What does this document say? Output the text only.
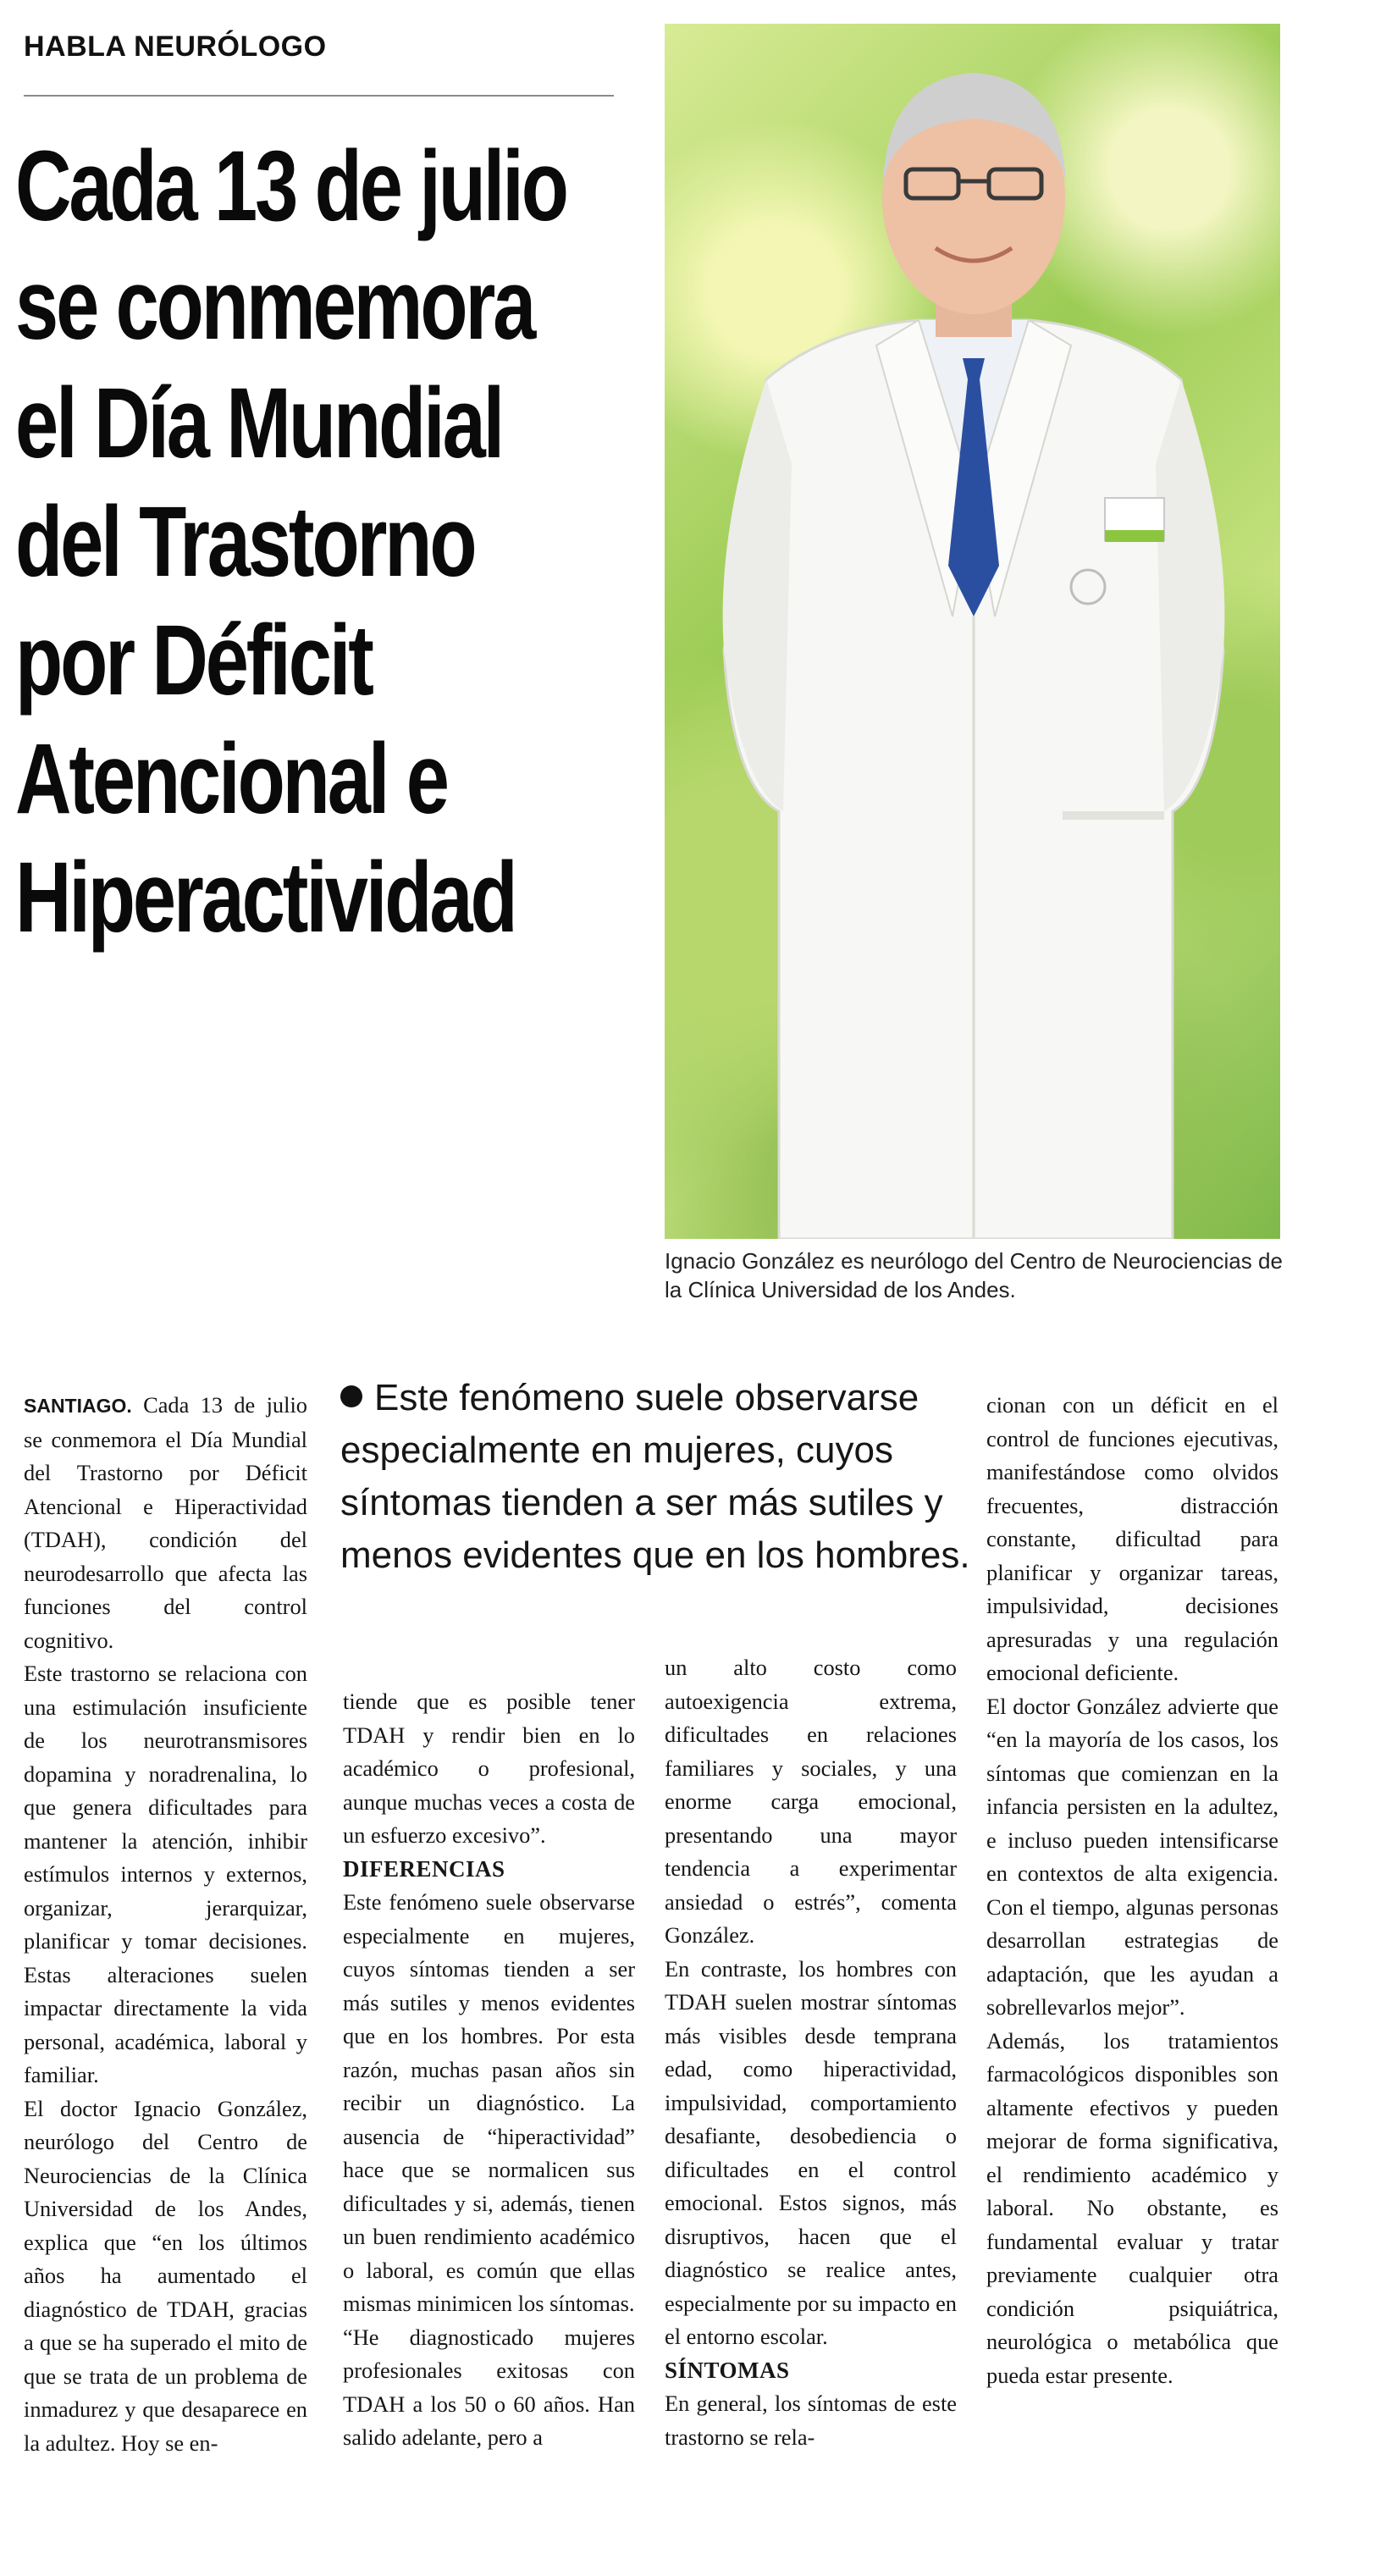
HABLA NEURÓLOGO
Cada 13 de julio
se conmemora
el Día Mundial
del Trastorno
por Déficit
Atencional e
Hiperactividad
Ignacio González es neurólogo del Centro de Neurociencias de la Clínica Universidad de los Andes.

SANTIAGO. Cada 13 de julio se conmemora el Día Mundial del Trastorno por Déficit Atencional e Hiperactividad (TDAH), condición del neurodesarrollo que afecta las funciones del control cognitivo.

Este trastorno se relaciona con una estimulación insuficiente de los neurotransmisores dopamina y noradrenalina, lo que genera dificultades para mantener la atención, inhibir estímulos internos y externos, organizar, jerarquizar, planificar y tomar decisiones. Estas alteraciones suelen impactar directamente la vida personal, académica, laboral y familiar.

El doctor Ignacio González, neurólogo del Centro de Neurociencias de la Clínica Universidad de los Andes, explica que “en los últimos años ha aumentado el diagnóstico de TDAH, gracias a que se ha superado el mito de que se trata de un problema de inmadurez y que desaparece en la adultez. Hoy se en-

Este fenómeno suele observarse especialmente en mujeres, cuyos síntomas tienden a ser más sutiles y menos evidentes que en los hombres.

tiende que es posible tener TDAH y rendir bien en lo académico o profesional, aunque muchas veces a costa de un esfuerzo excesivo”.

DIFERENCIAS

Este fenómeno suele observarse especialmente en mujeres, cuyos síntomas tienden a ser más sutiles y menos evidentes que en los hombres. Por esta razón, muchas pasan años sin recibir un diagnóstico. La ausencia de “hiperactividad” hace que se normalicen sus dificultades y si, además, tienen un buen rendimiento académico o laboral, es común que ellas mismas minimicen los síntomas.

“He diagnosticado mujeres profesionales exitosas con TDAH a los 50 o 60 años. Han salido adelante, pero a

un alto costo como autoexigencia extrema, dificultades en relaciones familiares y sociales, y una enorme carga emocional, presentando una mayor tendencia a experimentar ansiedad o estrés”, comenta González.

En contraste, los hombres con TDAH suelen mostrar síntomas más visibles desde temprana edad, como hiperactividad, impulsividad, comportamiento desafiante, desobediencia o dificultades en el control emocional. Estos signos, más disruptivos, hacen que el diagnóstico se realice antes, especialmente por su impacto en el entorno escolar.

SÍNTOMAS

En general, los síntomas de este trastorno se rela-

cionan con un déficit en el control de funciones ejecutivas, manifestándose como olvidos frecuentes, distracción constante, dificultad para planificar y organizar tareas, impulsividad, decisiones apresuradas y una regulación emocional deficiente.

El doctor González advierte que “en la mayoría de los casos, los síntomas que comienzan en la infancia persisten en la adultez, e incluso pueden intensificarse en contextos de alta exigencia. Con el tiempo, algunas personas desarrollan estrategias de adaptación, que les ayudan a sobrellevarlos mejor”.

Además, los tratamientos farmacológicos disponibles son altamente efectivos y pueden mejorar de forma significativa, el rendimiento académico y laboral. No obstante, es fundamental evaluar y tratar previamente cualquier otra condición psiquiátrica, neurológica o metabólica que pueda estar presente.
